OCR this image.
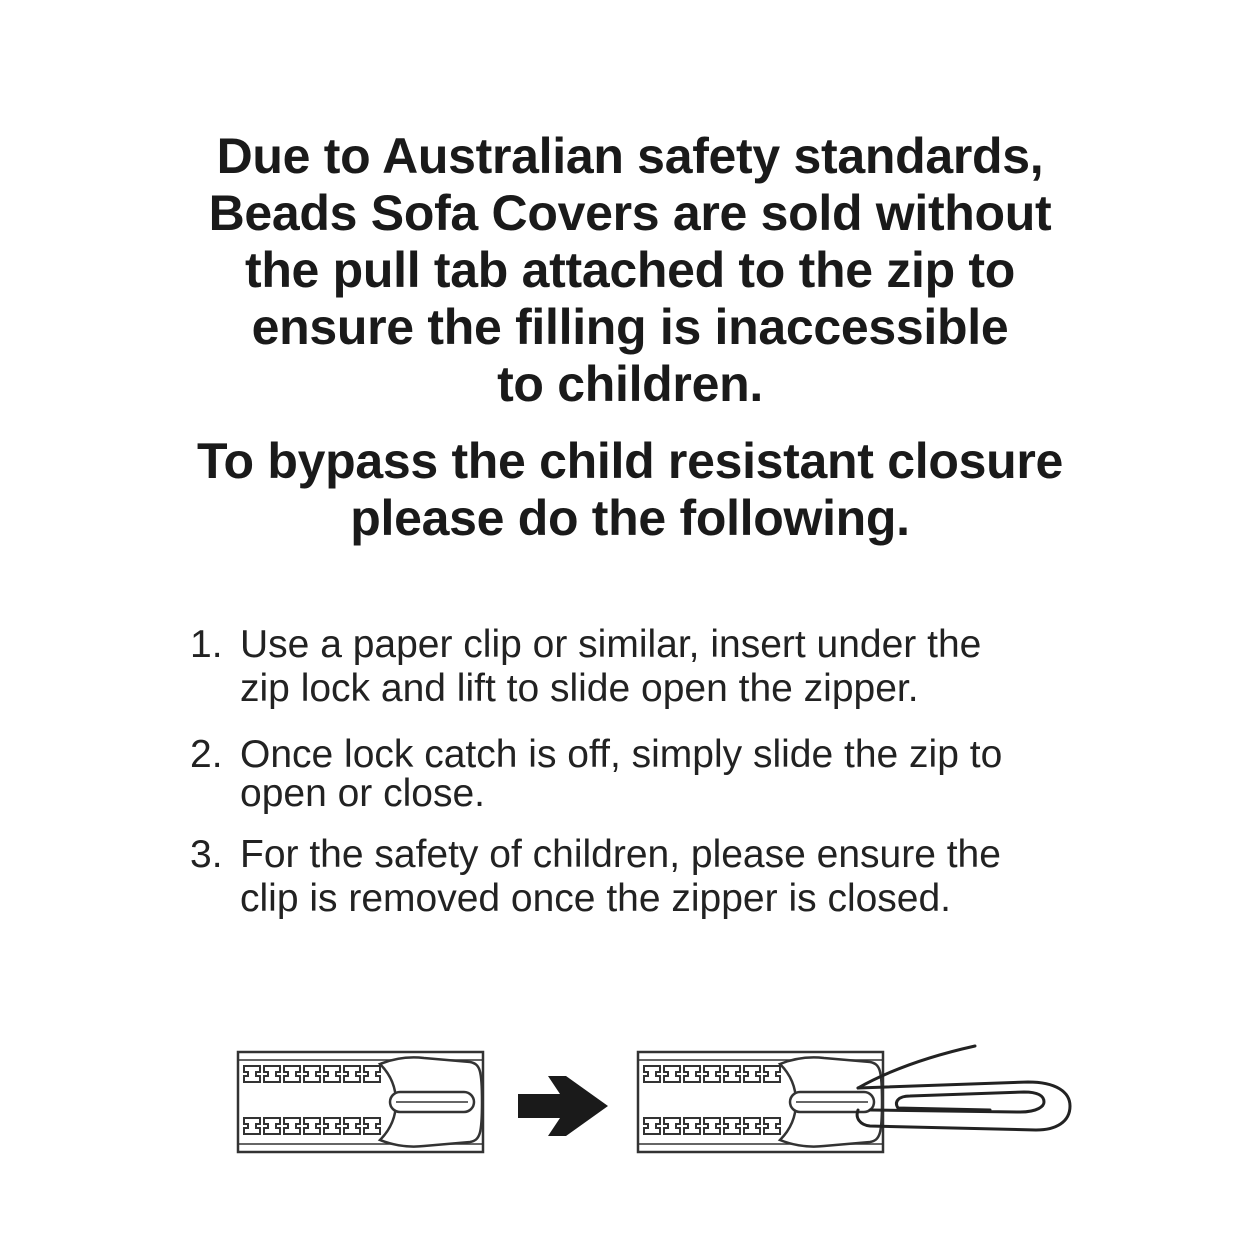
Due to Australian safety standards,
Beads Sofa Covers are sold without
the pull tab attached to the zip to
ensure the filling is inaccessible
to children.
To bypass the child resistant closure
please do the following.
1. Use a paper clip or similar, insert under the
zip lock and lift to slide open the zipper.
2. Once lock catch is off, simply slide the zip to
open or close.
3. For the safety of children, please ensure the
clip is removed once the zipper is closed.
